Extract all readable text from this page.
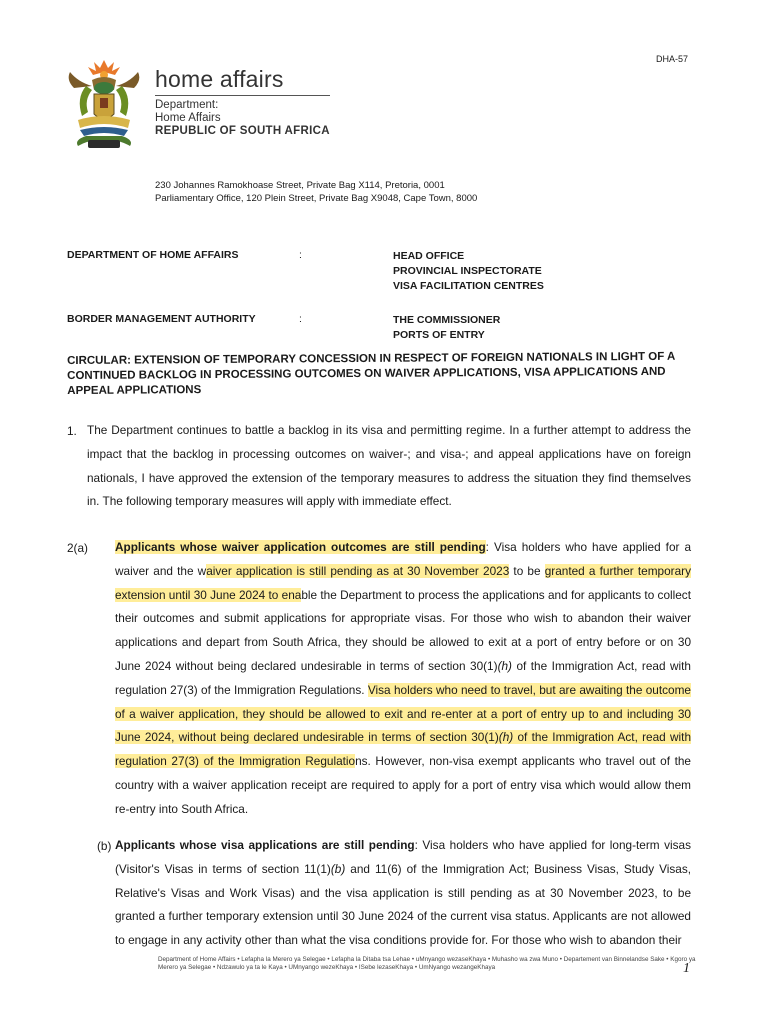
DHA-57
home affairs
Department:
Home Affairs
REPUBLIC OF SOUTH AFRICA
230 Johannes Ramokhoase Street, Private Bag X114, Pretoria, 0001
Parliamentary Office, 120 Plein Street, Private Bag X9048, Cape Town, 8000
DEPARTMENT OF HOME AFFAIRS	:	HEAD OFFICE
PROVINCIAL INSPECTORATE
VISA FACILITATION CENTRES
BORDER MANAGEMENT AUTHORITY	:	THE COMMISSIONER
PORTS OF ENTRY
CIRCULAR: EXTENSION OF TEMPORARY CONCESSION IN RESPECT OF FOREIGN NATIONALS IN LIGHT OF A CONTINUED BACKLOG IN PROCESSING OUTCOMES ON WAIVER APPLICATIONS, VISA APPLICATIONS AND APPEAL APPLICATIONS
1. The Department continues to battle a backlog in its visa and permitting regime. In a further attempt to address the impact that the backlog in processing outcomes on waiver-; and visa-; and appeal applications have on foreign nationals, I have approved the extension of the temporary measures to address the situation they find themselves in. The following temporary measures will apply with immediate effect.
2(a) Applicants whose waiver application outcomes are still pending: Visa holders who have applied for a waiver and the waiver application is still pending as at 30 November 2023 to be granted a further temporary extension until 30 June 2024 to enable the Department to process the applications and for applicants to collect their outcomes and submit applications for appropriate visas. For those who wish to abandon their waiver applications and depart from South Africa, they should be allowed to exit at a port of entry before or on 30 June 2024 without being declared undesirable in terms of section 30(1)(h) of the Immigration Act, read with regulation 27(3) of the Immigration Regulations. Visa holders who need to travel, but are awaiting the outcome of a waiver application, they should be allowed to exit and re-enter at a port of entry up to and including 30 June 2024, without being declared undesirable in terms of section 30(1)(h) of the Immigration Act, read with regulation 27(3) of the Immigration Regulations. However, non-visa exempt applicants who travel out of the country with a waiver application receipt are required to apply for a port of entry visa which would allow them re-entry into South Africa.
(b) Applicants whose visa applications are still pending: Visa holders who have applied for long-term visas (Visitor's Visas in terms of section 11(1)(b) and 11(6) of the Immigration Act; Business Visas, Study Visas, Relative's Visas and Work Visas) and the visa application is still pending as at 30 November 2023, to be granted a further temporary extension until 30 June 2024 of the current visa status. Applicants are not allowed to engage in any activity other than what the visa conditions provide for. For those who wish to abandon their
Department of Home Affairs • Lefapha la Merero ya Selegae • Lefapha la Ditaba tsa Lehae • uMnyango wezaseKhaya • Muhasho wa zwa Muno • Departement van Binnelandse Sake • Kgoro ya Merero ya Selegae • Ndzawulo ya ta le Kaya • UMnyango wezeKhaya • ISebe lezaseKhaya • UmNyango wezangeKhaya	1
